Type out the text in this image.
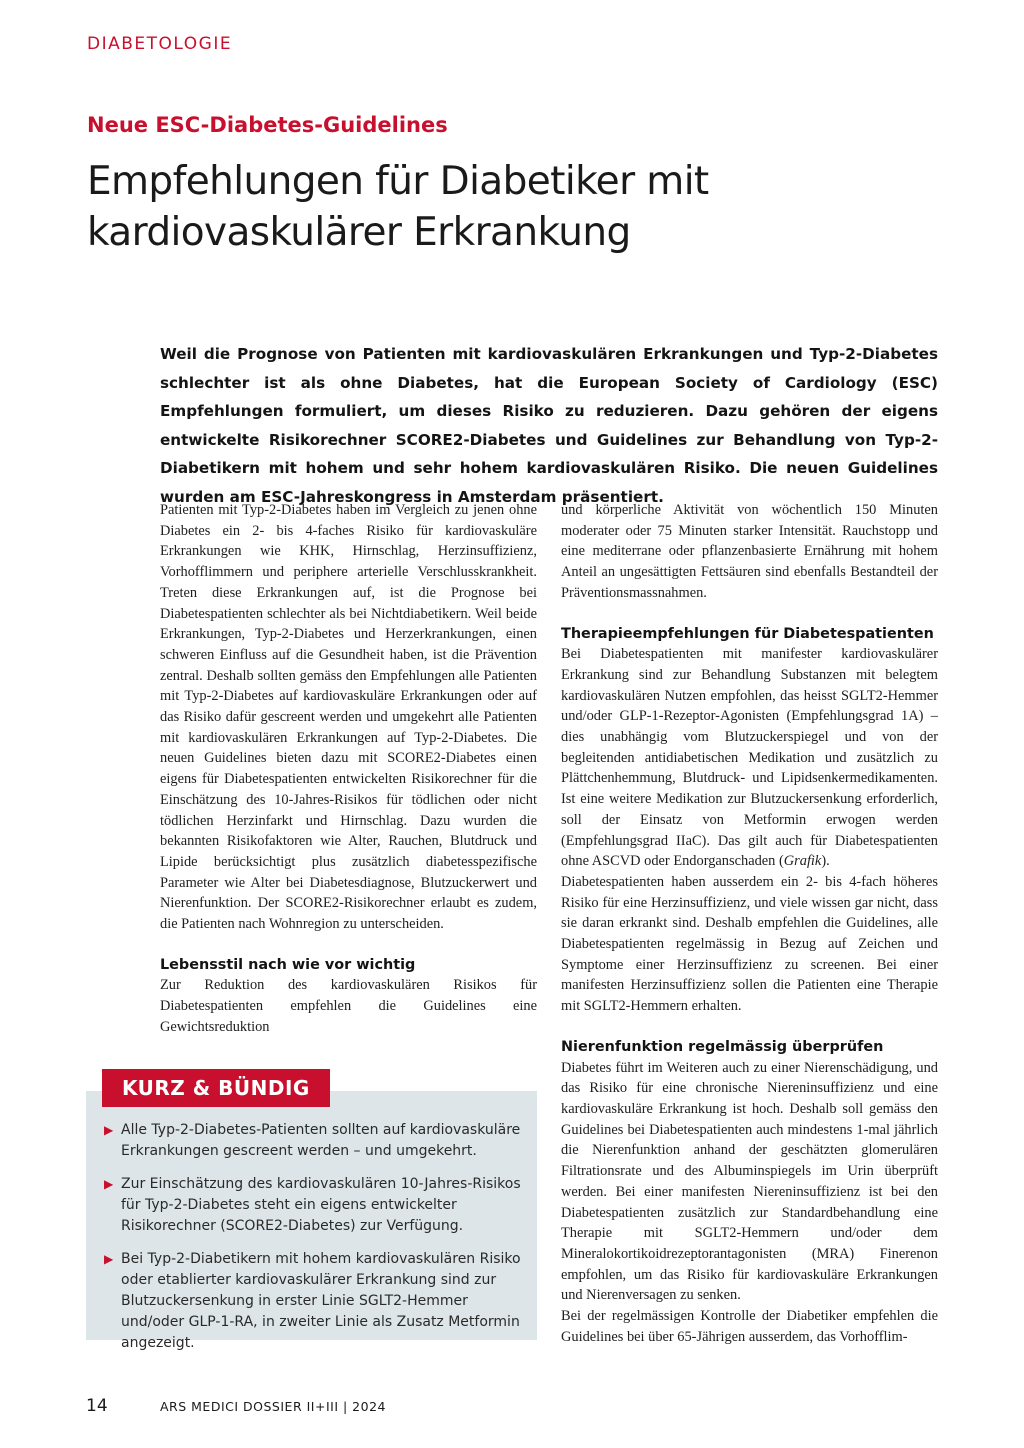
DIABETOLOGIE
Neue ESC-Diabetes-Guidelines
Empfehlungen für Diabetiker mit kardiovaskulärer Erkrankung

Weil die Prognose von Patienten mit kardiovaskulären Erkrankungen und Typ-2-Diabetes schlechter ist als ohne Diabetes, hat die European Society of Cardiology (ESC) Empfehlungen formuliert, um dieses Risiko zu reduzieren. Dazu gehören der eigens entwickelte Risikorechner SCORE2-Diabetes und Guidelines zur Behandlung von Typ-2-Diabetikern mit hohem und sehr hohem kardiovaskulären Risiko. Die neuen Guidelines wurden am ESC-Jahreskongress in Amsterdam präsentiert.

Patienten mit Typ-2-Diabetes haben im Vergleich zu jenen ohne Diabetes ein 2- bis 4-faches Risiko für kardiovaskuläre Erkrankungen wie KHK, Hirnschlag, Herzinsuffizienz, Vorhofflimmern und periphere arterielle Verschlusskrankheit. Treten diese Erkrankungen auf, ist die Prognose bei Diabetespatienten schlechter als bei Nichtdiabetikern. Weil beide Erkrankungen, Typ-2-Diabetes und Herzerkrankungen, einen schweren Einfluss auf die Gesundheit haben, ist die Prävention zentral. Deshalb sollten gemäss den Empfehlungen alle Patienten mit Typ-2-Diabetes auf kardiovaskuläre Erkrankungen oder auf das Risiko dafür gescreent werden und umgekehrt alle Patienten mit kardiovaskulären Erkrankungen auf Typ-2-Diabetes. Die neuen Guidelines bieten dazu mit SCORE2-Diabetes einen eigens für Diabetespatienten entwickelten Risikorechner für die Einschätzung des 10-Jahres-Risikos für tödlichen oder nicht tödlichen Herzinfarkt und Hirnschlag. Dazu wurden die bekannten Risikofaktoren wie Alter, Rauchen, Blutdruck und Lipide berücksichtigt plus zusätzlich diabetesspezifische Parameter wie Alter bei Diabetesdiagnose, Blutzuckerwert und Nierenfunktion. Der SCORE2-Risikorechner erlaubt es zudem, die Patienten nach Wohnregion zu unterscheiden.

Lebensstil nach wie vor wichtig

Zur Reduktion des kardiovaskulären Risikos für Diabetespatienten empfehlen die Guidelines eine Gewichtsreduktion

und körperliche Aktivität von wöchentlich 150 Minuten moderater oder 75 Minuten starker Intensität. Rauchstopp und eine mediterrane oder pflanzenbasierte Ernährung mit hohem Anteil an ungesättigten Fettsäuren sind ebenfalls Bestandteil der Präventionsmassnahmen.

Therapieempfehlungen für Diabetespatienten

Bei Diabetespatienten mit manifester kardiovaskulärer Erkrankung sind zur Behandlung Substanzen mit belegtem kardiovaskulären Nutzen empfohlen, das heisst SGLT2-Hemmer und/oder GLP-1-Rezeptor-Agonisten (Empfehlungsgrad 1A) – dies unabhängig vom Blutzuckerspiegel und von der begleitenden antidiabetischen Medikation und zusätzlich zu Plättchenhemmung, Blutdruck- und Lipidsenkermedikamenten. Ist eine weitere Medikation zur Blutzuckersenkung erforderlich, soll der Einsatz von Metformin erwogen werden (Empfehlungsgrad IIaC). Das gilt auch für Diabetespatienten ohne ASCVD oder Endorganschaden (Grafik).

Diabetespatienten haben ausserdem ein 2- bis 4-fach höheres Risiko für eine Herzinsuffizienz, und viele wissen gar nicht, dass sie daran erkrankt sind. Deshalb empfehlen die Guidelines, alle Diabetespatienten regelmässig in Bezug auf Zeichen und Symptome einer Herzinsuffizienz zu screenen. Bei einer manifesten Herzinsuffizienz sollen die Patienten eine Therapie mit SGLT2-Hemmern erhalten.

Nierenfunktion regelmässig überprüfen

Diabetes führt im Weiteren auch zu einer Nierenschädigung, und das Risiko für eine chronische Niereninsuffizienz und eine kardiovaskuläre Erkrankung ist hoch. Deshalb soll gemäss den Guidelines bei Diabetespatienten auch mindestens 1-mal jährlich die Nierenfunktion anhand der geschätzten glomerulären Filtrationsrate und des Albuminspiegels im Urin überprüft werden. Bei einer manifesten Niereninsuffizienz ist bei den Diabetespatienten zusätzlich zur Standardbehandlung eine Therapie mit SGLT2-Hemmern und/oder dem Mineralokortikoidrezeptorantagonisten (MRA) Finerenon empfohlen, um das Risiko für kardiovaskuläre Erkrankungen und Nierenversagen zu senken.

Bei der regelmässigen Kontrolle der Diabetiker empfehlen die Guidelines bei über 65-Jährigen ausserdem, das Vorhofflim-

▶ Alle Typ-2-Diabetes-Patienten sollten auf kardiovaskuläre Erkrankungen gescreent werden – und umgekehrt.
▶ Zur Einschätzung des kardiovaskulären 10-Jahres-Risikos für Typ-2-Diabetes steht ein eigens entwickelter Risikorechner (SCORE2-Diabetes) zur Verfügung.
▶ Bei Typ-2-Diabetikern mit hohem kardiovaskulären Risiko oder etablierter kardiovaskulärer Erkrankung sind zur Blutzuckersenkung in erster Linie SGLT2-Hemmer und/oder GLP-1-RA, in zweiter Linie als Zusatz Metformin angezeigt.
KURZ & BÜNDIG
14	ARS MEDICI DOSSIER II+III | 2024
